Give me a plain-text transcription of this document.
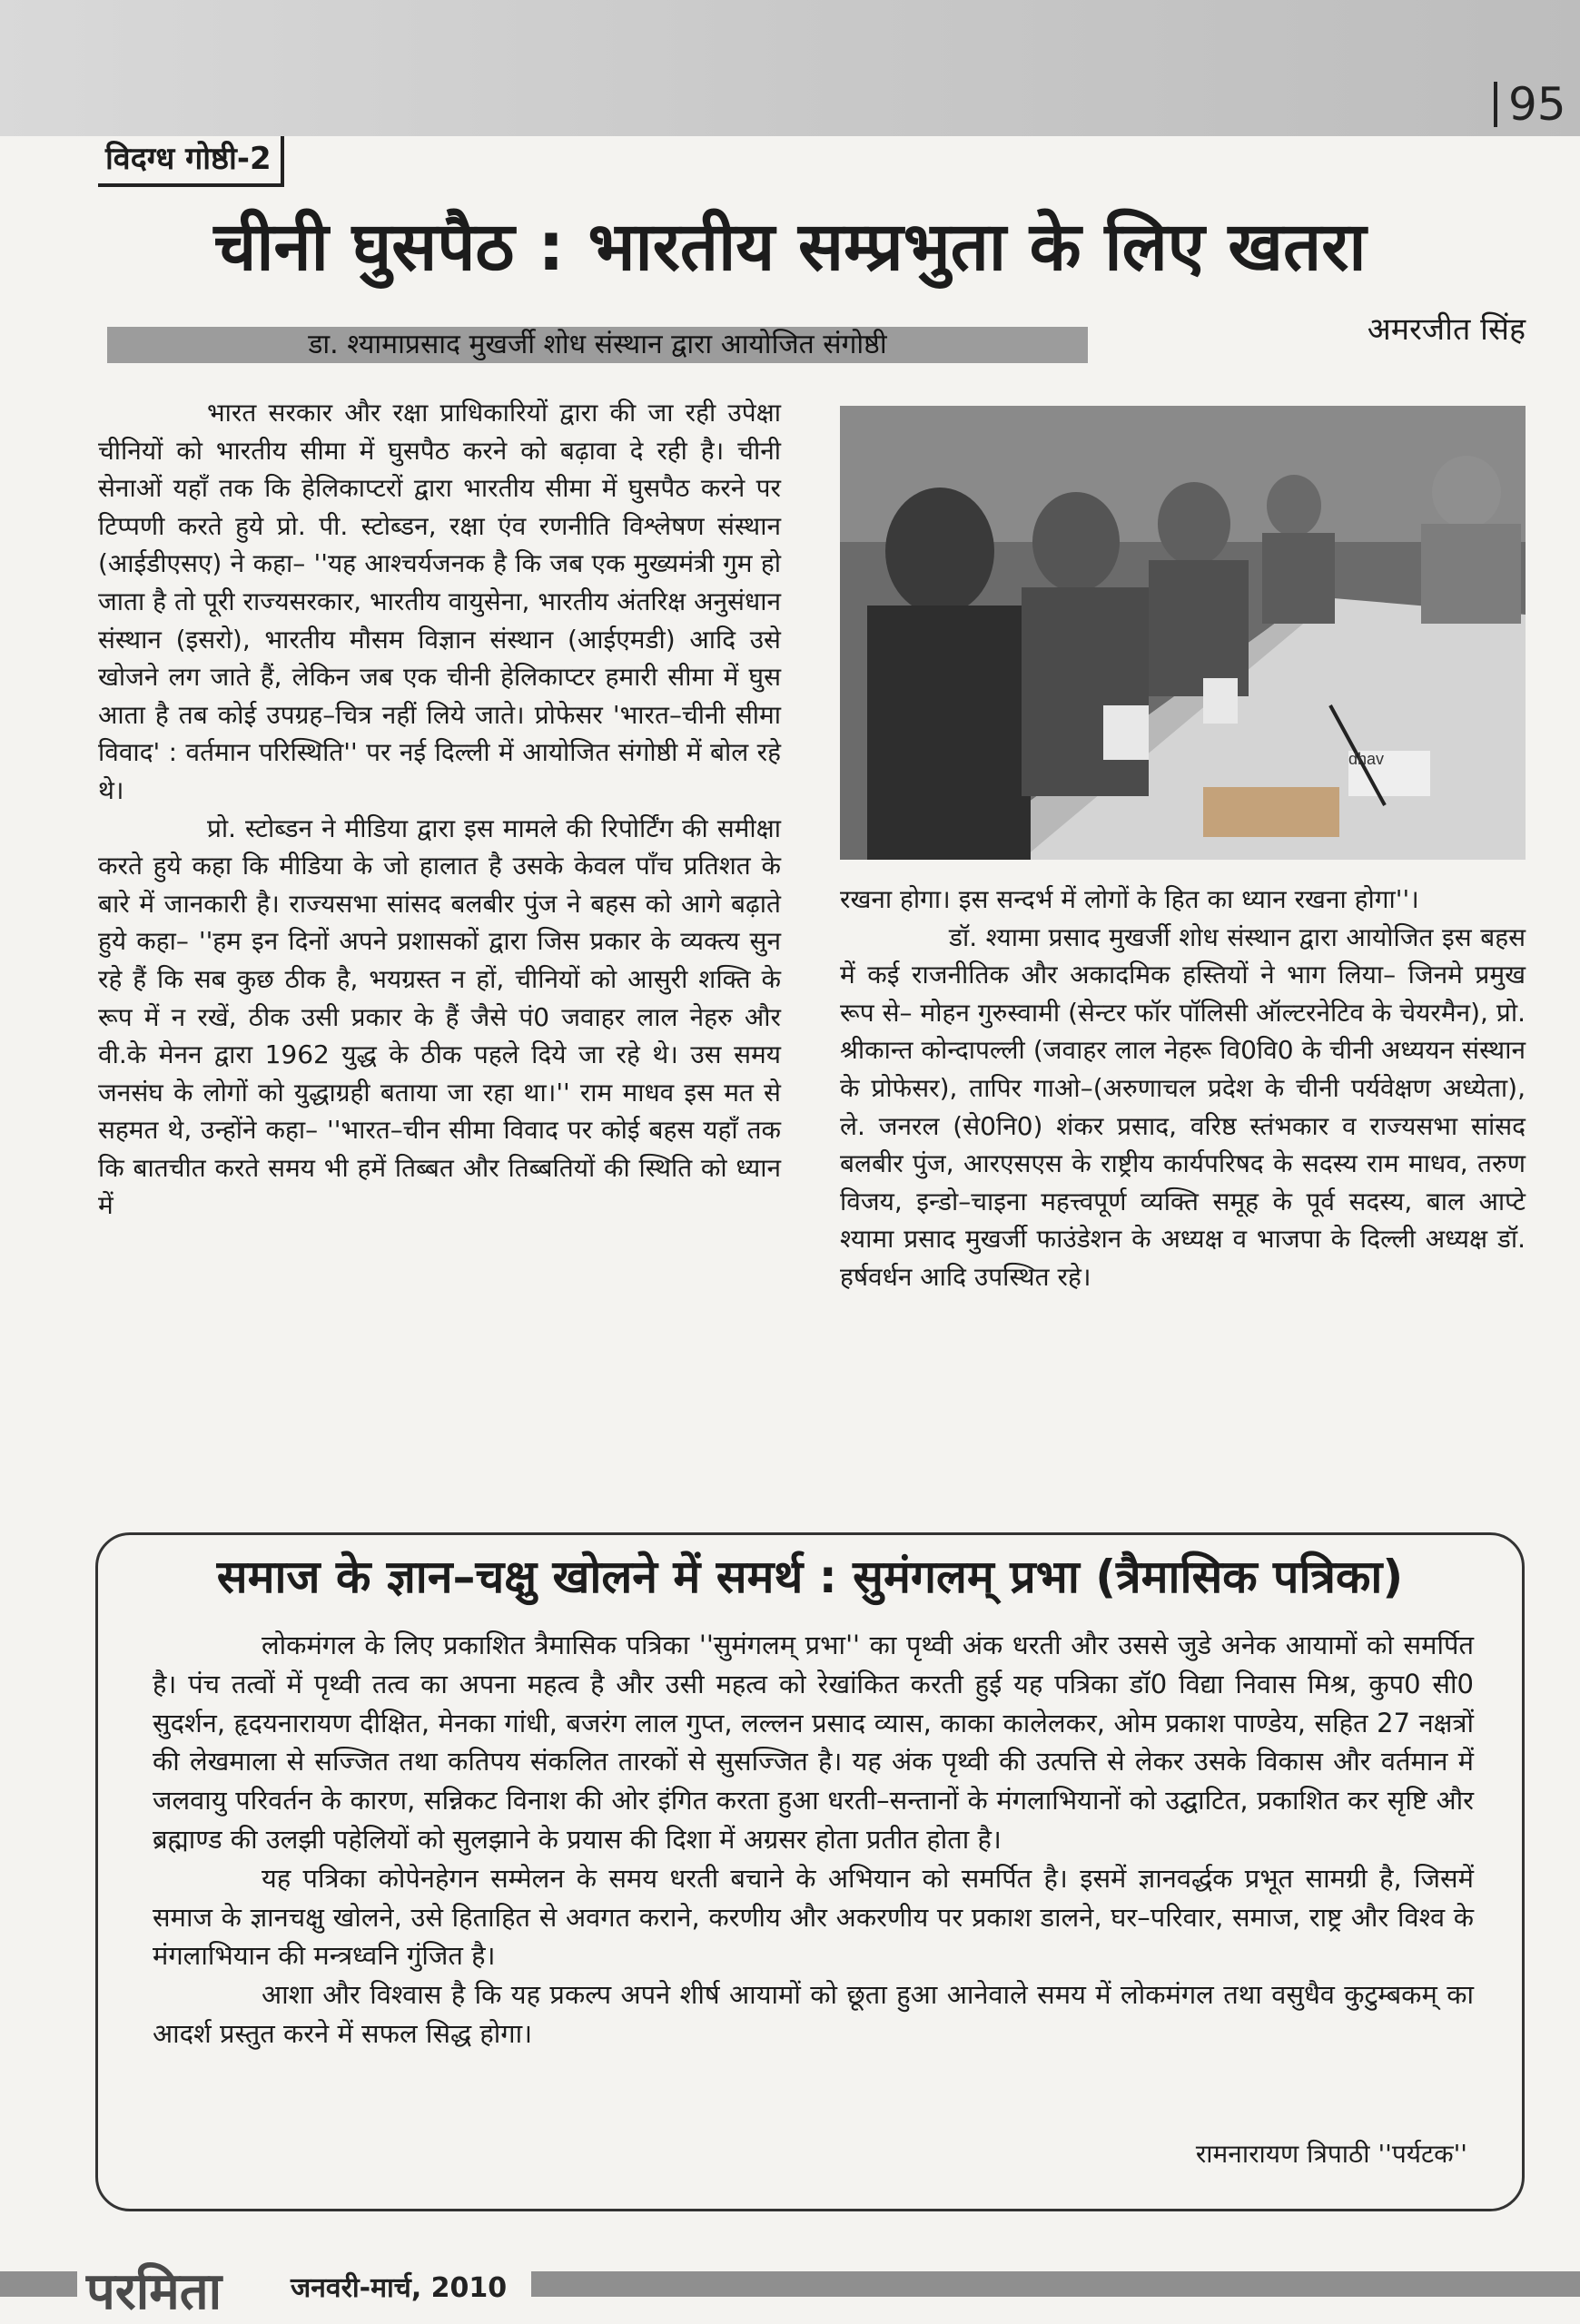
95
विदग्ध गोष्ठी-2
चीनी घुसपैठ : भारतीय सम्प्रभुता के लिए खतरा
डा. श्यामाप्रसाद मुखर्जी शोध संस्थान द्वारा आयोजित संगोष्ठी	अमरजीत सिंह

भारत सरकार और रक्षा प्राधिकारियों द्वारा की जा रही उपेक्षा चीनियों को भारतीय सीमा में घुसपैठ करने को बढ़ावा दे रही है। चीनी सेनाओं यहाँ तक कि हेलिकाप्टरों द्वारा भारतीय सीमा में घुसपैठ करने पर टिप्पणी करते हुये प्रो. पी. स्टोब्डन, रक्षा एंव रणनीति विश्लेषण संस्थान (आईडीएसए) ने कहा– ''यह आश्चर्यजनक है कि जब एक मुख्यमंत्री गुम हो जाता है तो पूरी राज्यसरकार, भारतीय वायुसेना, भारतीय अंतरिक्ष अनुसंधान संस्थान (इसरो), भारतीय मौसम विज्ञान संस्थान (आईएमडी) आदि उसे खोजने लग जाते हैं, लेकिन जब एक चीनी हेलिकाप्टर हमारी सीमा में घुस आता है तब कोई उपग्रह–चित्र नहीं लिये जाते। प्रोफेसर 'भारत–चीनी सीमा विवाद' : वर्तमान परिस्थिति'' पर नई दिल्ली में आयोजित संगोष्ठी में बोल रहे थे।

प्रो. स्टोब्डन ने मीडिया द्वारा इस मामले की रिपोर्टिंग की समीक्षा करते हुये कहा कि मीडिया के जो हालात है उसके केवल पाँच प्रतिशत के बारे में जानकारी है। राज्यसभा सांसद बलबीर पुंज ने बहस को आगे बढ़ाते हुये कहा– ''हम इन दिनों अपने प्रशासकों द्वारा जिस प्रकार के व्यक्त्य सुन रहे हैं कि सब कुछ ठीक है, भयग्रस्त न हों, चीनियों को आसुरी शक्ति के रूप में न रखें, ठीक उसी प्रकार के हैं जैसे पं0 जवाहर लाल नेहरु और वी.के मेनन द्वारा 1962 युद्ध के ठीक पहले दिये जा रहे थे। उस समय जनसंघ के लोगों को युद्धाग्रही बताया जा रहा था।'' राम माधव इस मत से सहमत थे, उन्होंने कहा– ''भारत–चीन सीमा विवाद पर कोई बहस यहाँ तक कि बातचीत करते समय भी हमें तिब्बत और तिब्बतियों की स्थिति को ध्यान में

dhav

रखना होगा। इस सन्दर्भ में लोगों के हित का ध्यान रखना होगा''।

डॉ. श्यामा प्रसाद मुखर्जी शोध संस्थान द्वारा आयोजित इस बहस में कई राजनीतिक और अकादमिक हस्तियों ने भाग लिया– जिनमे प्रमुख रूप से– मोहन गुरुस्वामी (सेन्टर फॉर पॉलिसी ऑल्टरनेटिव के चेयरमैन), प्रो. श्रीकान्त कोन्दापल्ली (जवाहर लाल नेहरू वि0वि0 के चीनी अध्ययन संस्थान के प्रोफेसर), तापिर गाओ–(अरुणाचल प्रदेश के चीनी पर्यवेक्षण अध्येता), ले. जनरल (से0नि0) शंकर प्रसाद, वरिष्ठ स्तंभकार व राज्यसभा सांसद बलबीर पुंज, आरएसएस के राष्ट्रीय कार्यपरिषद के सदस्य राम माधव, तरुण विजय, इन्डो–चाइना महत्त्वपूर्ण व्यक्ति समूह के पूर्व सदस्य, बाल आप्टे श्यामा प्रसाद मुखर्जी फाउंडेशन के अध्यक्ष व भाजपा के दिल्ली अध्यक्ष डॉ. हर्षवर्धन आदि उपस्थित रहे।

समाज के ज्ञान–चक्षु खोलने में समर्थ : सुमंगलम् प्रभा (त्रैमासिक पत्रिका)

लोकमंगल के लिए प्रकाशित त्रैमासिक पत्रिका ''सुमंगलम् प्रभा'' का पृथ्वी अंक धरती और उससे जुडे अनेक आयामों को समर्पित है। पंच तत्वों में पृथ्वी तत्व का अपना महत्व है और उसी महत्व को रेखांकित करती हुई यह पत्रिका डॉ0 विद्या निवास मिश्र, कुप0 सी0 सुदर्शन, हृदयनारायण दीक्षित, मेनका गांधी, बजरंग लाल गुप्त, लल्लन प्रसाद व्यास, काका कालेलकर, ओम प्रकाश पाण्डेय, सहित 27 नक्षत्रों की लेखमाला से सज्जित तथा कतिपय संकलित तारकों से सुसज्जित है। यह अंक पृथ्वी की उत्पत्ति से लेकर उसके विकास और वर्तमान में जलवायु परिवर्तन के कारण, सन्निकट विनाश की ओर इंगित करता हुआ धरती–सन्तानों के मंगलाभियानों को उद्घाटित, प्रकाशित कर सृष्टि और ब्रह्माण्ड की उलझी पहेलियों को सुलझाने के प्रयास की दिशा में अग्रसर होता प्रतीत होता है।

यह पत्रिका कोपेनहेगन सम्मेलन के समय धरती बचाने के अभियान को समर्पित है। इसमें ज्ञानवर्द्धक प्रभूत सामग्री है, जिसमें समाज के ज्ञानचक्षु खोलने, उसे हिताहित से अवगत कराने, करणीय और अकरणीय पर प्रकाश डालने, घर–परिवार, समाज, राष्ट्र और विश्व के मंगलाभियान की मन्त्रध्वनि गुंजित है।

आशा और विश्वास है कि यह प्रकल्प अपने शीर्ष आयामों को छूता हुआ आनेवाले समय में लोकमंगल तथा वसुधैव कुटुम्बकम् का आदर्श प्रस्तुत करने में सफल सिद्ध होगा।

रामनारायण त्रिपाठी ''पर्यटक''
परमिता	जनवरी-मार्च, 2010
